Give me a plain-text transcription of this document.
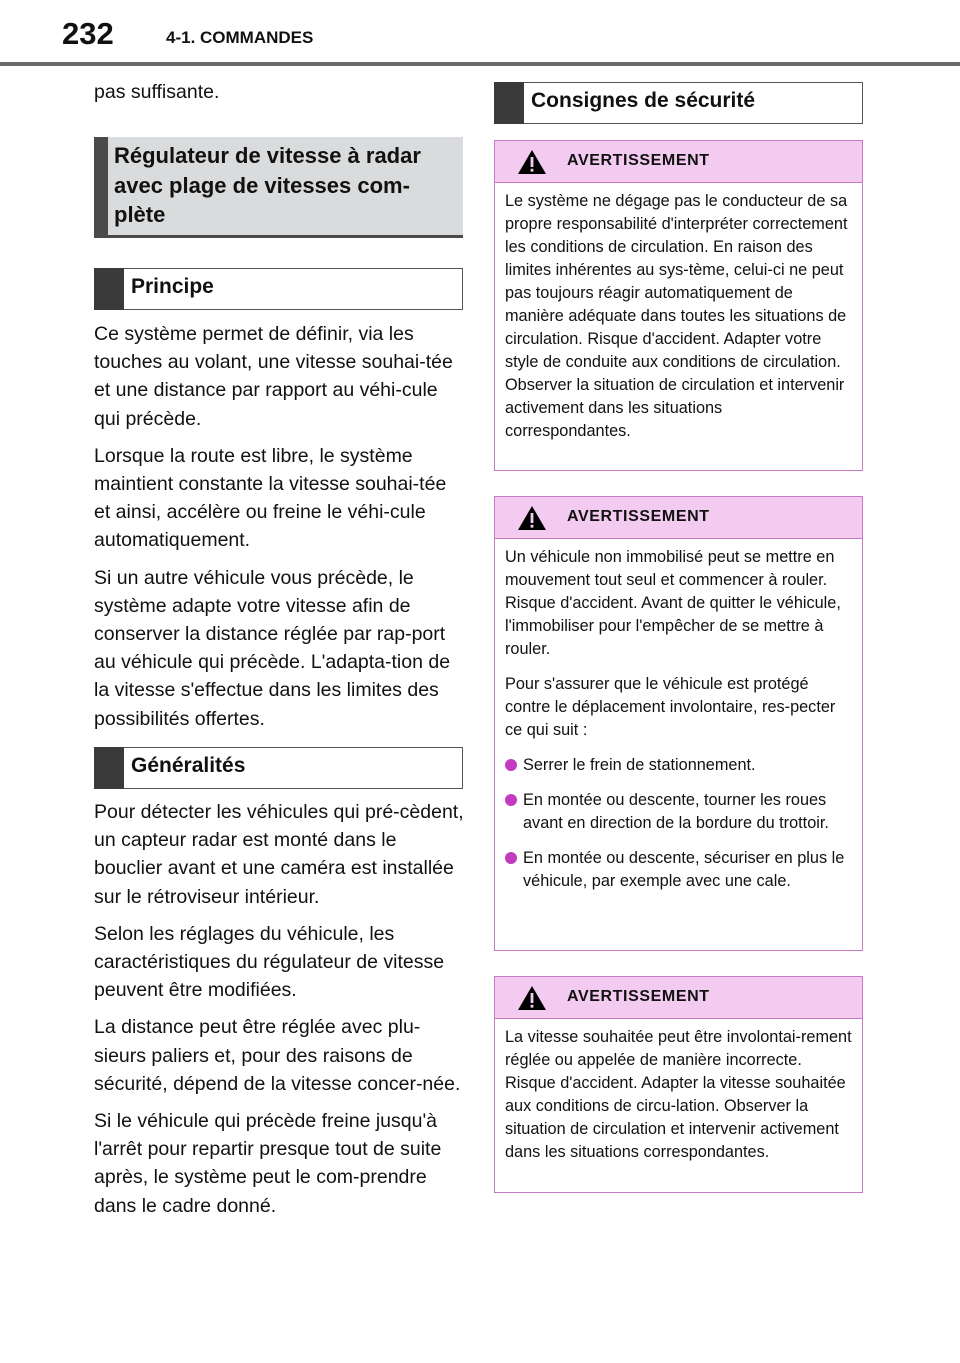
232	4-1. COMMANDES

pas suffisante.

Régulateur de vitesse à radar avec plage de vitesses com-plète
Principe

Ce système permet de définir, via les touches au volant, une vitesse souhai-tée et une distance par rapport au véhi-cule qui précède.

Lorsque la route est libre, le système maintient constante la vitesse souhai-tée et ainsi, accélère ou freine le véhi-cule automatiquement.

Si un autre véhicule vous précède, le système adapte votre vitesse afin de conserver la distance réglée par rap-port au véhicule qui précède. L'adapta-tion de la vitesse s'effectue dans les limites des possibilités offertes.

Généralités

Pour détecter les véhicules qui pré-cèdent, un capteur radar est monté dans le bouclier avant et une caméra est installée sur le rétroviseur intérieur.

Selon les réglages du véhicule, les caractéristiques du régulateur de vitesse peuvent être modifiées.

La distance peut être réglée avec plu-sieurs paliers et, pour des raisons de sécurité, dépend de la vitesse concer-née.

Si le véhicule qui précède freine jusqu'à l'arrêt pour repartir presque tout de suite après, le système peut le com-prendre dans le cadre donné.

Consignes de sécurité
AVERTISSEMENT

Le système ne dégage pas le conducteur de sa propre responsabilité d'interpréter correctement les conditions de circulation. En raison des limites inhérentes au sys-tème, celui-ci ne peut pas toujours réagir automatiquement de manière adéquate dans toutes les situations de circulation. Risque d'accident. Adapter votre style de conduite aux conditions de circulation. Observer la situation de circulation et intervenir activement dans les situations correspondantes.

AVERTISSEMENT

Un véhicule non immobilisé peut se mettre en mouvement tout seul et commencer à rouler. Risque d'accident. Avant de quitter le véhicule, l'immobiliser pour l'empêcher de se mettre à rouler.

Pour s'assurer que le véhicule est protégé contre le déplacement involontaire, res-pecter ce qui suit :

Serrer le frein de stationnement.

En montée ou descente, tourner les roues avant en direction de la bordure du trottoir.

En montée ou descente, sécuriser en plus le véhicule, par exemple avec une cale.

AVERTISSEMENT

La vitesse souhaitée peut être involontai-rement réglée ou appelée de manière incorrecte. Risque d'accident. Adapter la vitesse souhaitée aux conditions de circu-lation. Observer la situation de circulation et intervenir activement dans les situations correspondantes.
